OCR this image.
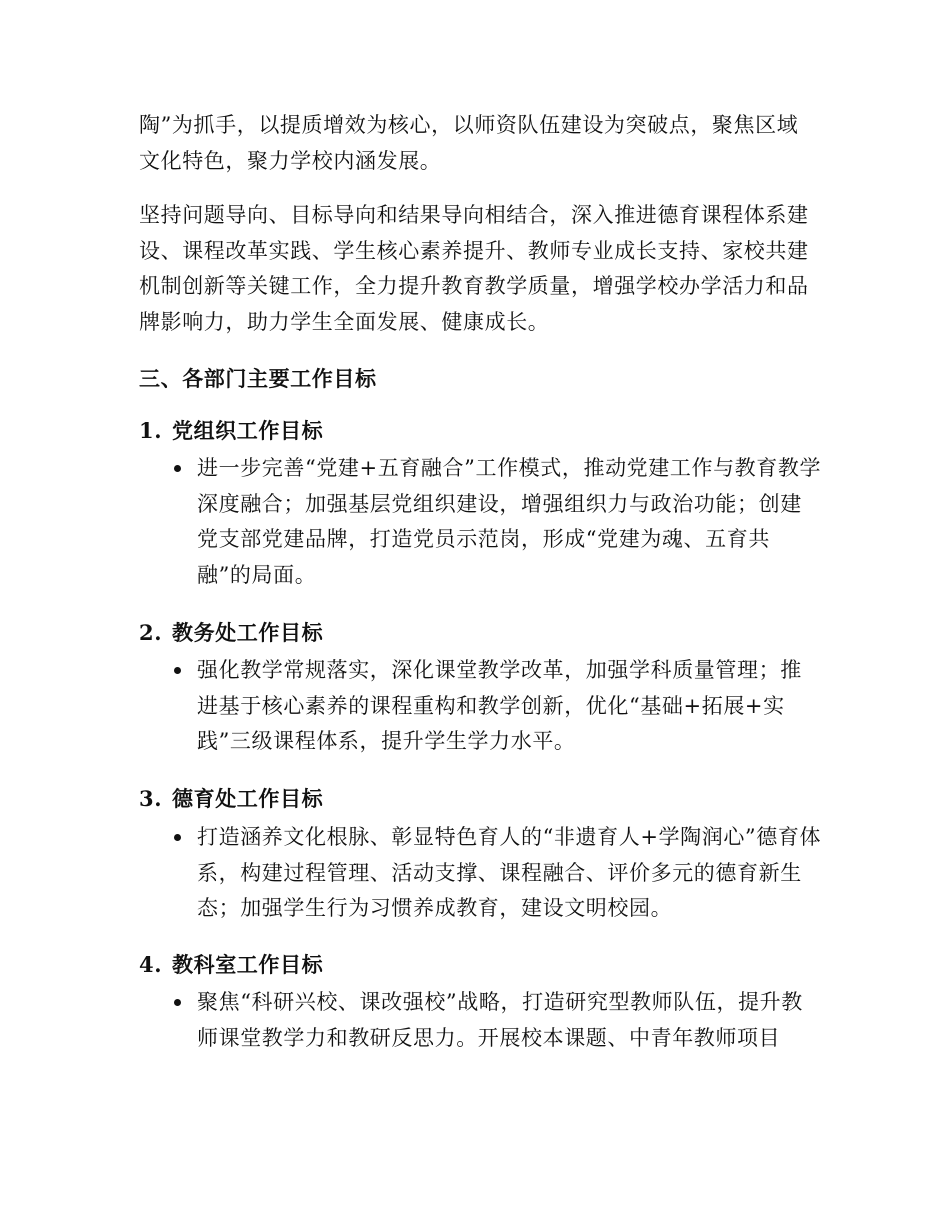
陶”为抓手，以提质增效为核心，以师资队伍建设为突破点，聚焦区域文化特色，聚力学校内涵发展。

坚持问题导向、目标导向和结果导向相结合，深入推进德育课程体系建设、课程改革实践、学生核心素养提升、教师专业成长支持、家校共建机制创新等关键工作，全力提升教育教学质量，增强学校办学活力和品牌影响力，助力学生全面发展、健康成长。

三、各部门主要工作目标
1. 党组织工作目标
进一步完善“党建+五育融合”工作模式，推动党建工作与教育教学深度融合；加强基层党组织建设，增强组织力与政治功能；创建党支部党建品牌，打造党员示范岗，形成“党建为魂、五育共融”的局面。
2. 教务处工作目标
强化教学常规落实，深化课堂教学改革，加强学科质量管理；推进基于核心素养的课程重构和教学创新，优化“基础+拓展+实践”三级课程体系，提升学生学力水平。
3. 德育处工作目标
打造涵养文化根脉、彰显特色育人的“非遗育人+学陶润心”德育体系，构建过程管理、活动支撑、课程融合、评价多元的德育新生态；加强学生行为习惯养成教育，建设文明校园。
4. 教科室工作目标
聚焦“科研兴校、课改强校”战略，打造研究型教师队伍，提升教师课堂教学力和教研反思力。开展校本课题、中青年教师项目
